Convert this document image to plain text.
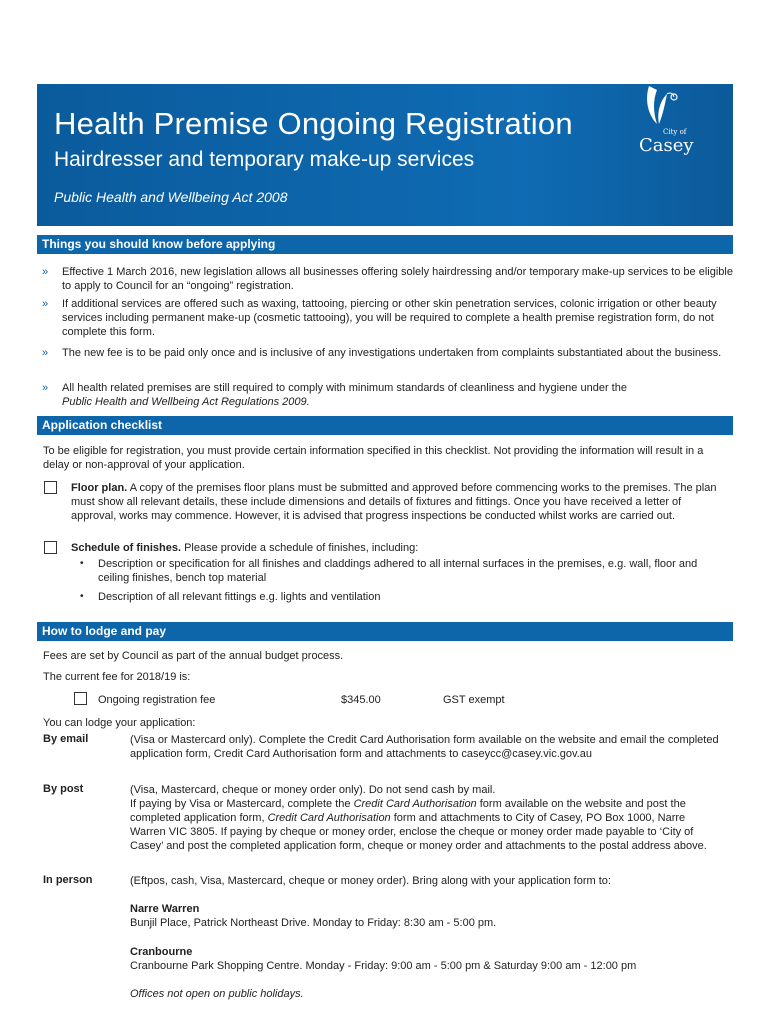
Health Premise Ongoing Registration
Hairdresser and temporary make-up services
Public Health and Wellbeing Act 2008
City of
Casey
Things you should know before applying
» Effective 1 March 2016, new legislation allows all businesses offering solely hairdressing and/or temporary make-up services to be eligible to apply to Council for an “ongoing” registration.
» If additional services are offered such as waxing, tattooing, piercing or other skin penetration services, colonic irrigation or other beauty services including permanent make-up (cosmetic tattooing), you will be required to complete a health premise registration form, do not complete this form.
» The new fee is to be paid only once and is inclusive of any investigations undertaken from complaints substantiated about the business.
» All health related premises are still required to comply with minimum standards of cleanliness and hygiene under the
Public Health and Wellbeing Act Regulations 2009.
Application checklist
To be eligible for registration, you must provide certain information specified in this checklist. Not providing the information will result in a delay or non-approval of your application.
Floor plan. A copy of the premises floor plans must be submitted and approved before commencing works to the premises. The plan must show all relevant details, these include dimensions and details of fixtures and fittings. Once you have received a letter of approval, works may commence. However, it is advised that progress inspections be conducted whilst works are carried out.
Schedule of finishes. Please provide a schedule of finishes, including:
• Description or specification for all finishes and claddings adhered to all internal surfaces in the premises, e.g. wall, floor and ceiling finishes, bench top material
• Description of all relevant fittings e.g. lights and ventilation
How to lodge and pay
Fees are set by Council as part of the annual budget process.
The current fee for 2018/19 is:
Ongoing registration fee	$345.00	GST exempt
You can lodge your application:
By email	(Visa or Mastercard only). Complete the Credit Card Authorisation form available on the website and email the completed application form, Credit Card Authorisation form and attachments to caseycc@casey.vic.gov.au
By post	(Visa, Mastercard, cheque or money order only). Do not send cash by mail.
If paying by Visa or Mastercard, complete the Credit Card Authorisation form available on the website and post the completed application form, Credit Card Authorisation form and attachments to City of Casey, PO Box 1000, Narre Warren VIC 3805. If paying by cheque or money order, enclose the cheque or money order made payable to ‘City of Casey’ and post the completed application form, cheque or money order and attachments to the postal address above.
In person	(Eftpos, cash, Visa, Mastercard, cheque or money order). Bring along with your application form to:
Narre Warren
Bunjil Place, Patrick Northeast Drive. Monday to Friday: 8:30 am - 5:00 pm.
Cranbourne
Cranbourne Park Shopping Centre. Monday - Friday: 9:00 am - 5:00 pm & Saturday 9:00 am - 12:00 pm
Offices not open on public holidays.
